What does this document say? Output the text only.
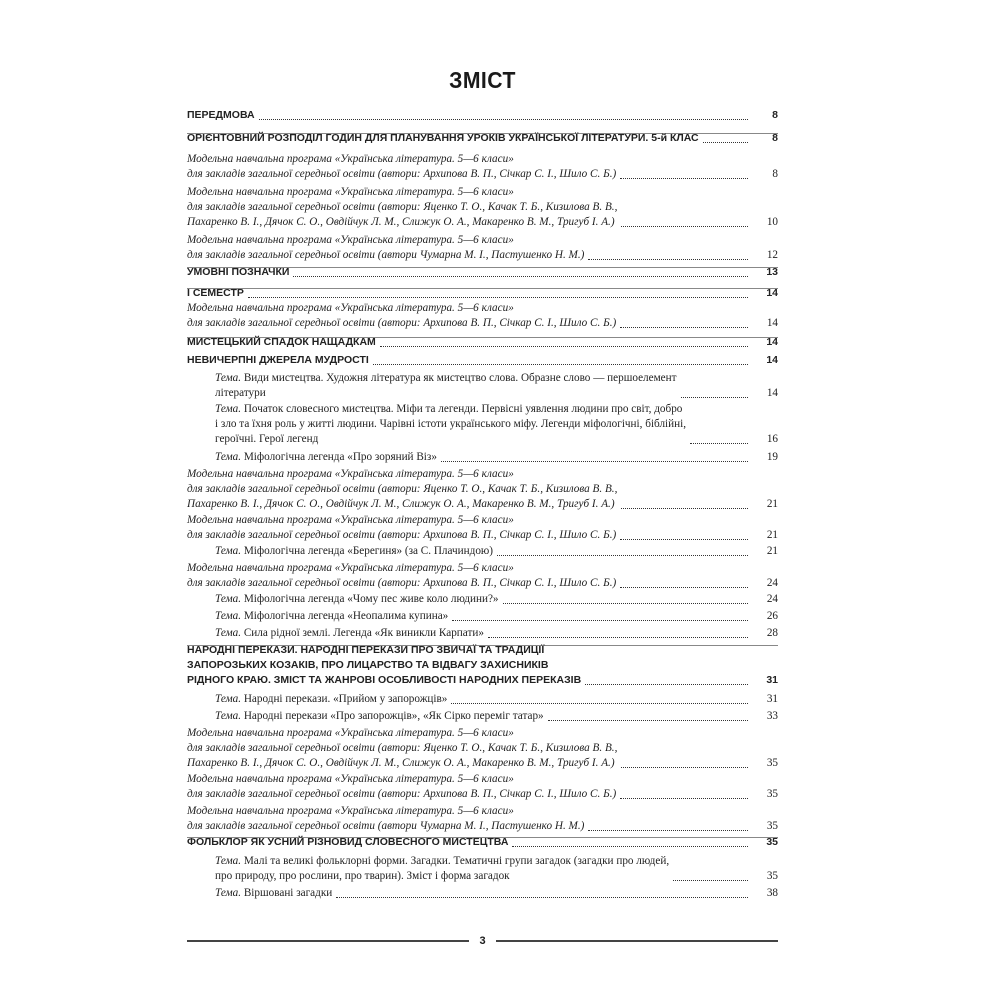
ЗМІСТ
ПЕРЕДМОВА	8
ОРІЄНТОВНИЙ РОЗПОДІЛ ГОДИН ДЛЯ ПЛАНУВАННЯ УРОКІВ УКРАЇНСЬКОЇ ЛІТЕРАТУРИ. 5-й КЛАС	8
Модельна навчальна програма «Українська література. 5—6 класи»
для закладів загальної середньої освіти (автори: Архипова В. П., Січкар С. І., Шило С. Б.)	8
Модельна навчальна програма «Українська література. 5—6 класи»
для закладів загальної середньої освіти (автори: Яценко Т. О., Качак Т. Б., Кизилова В. В.,
Пахаренко В. І., Дячок С. О., Овдійчук Л. М., Слижук О. А., Макаренко В. М., Тригуб І. А.)	10
Модельна навчальна програма «Українська література. 5—6 класи»
для закладів загальної середньої освіти (автори Чумарна М. І., Пастушенко Н. М.)	12
УМОВНІ ПОЗНАЧКИ	13
І СЕМЕСТР	14
Модельна навчальна програма «Українська література. 5—6 класи»
для закладів загальної середньої освіти (автори: Архипова В. П., Січкар С. І., Шило С. Б.)	14
МИСТЕЦЬКИЙ СПАДОК НАЩАДКАМ	14
НЕВИЧЕРПНІ ДЖЕРЕЛА МУДРОСТІ	14
Тема. Види мистецтва. Художня література як мистецтво слова. Образне слово — першоелемент
літератури	14
Тема. Початок словесного мистецтва. Міфи та легенди. Первісні уявлення людини про світ, добро
і зло та їхня роль у житті людини. Чарівні істоти українського міфу. Легенди міфологічні, біблійні,
героїчні. Герої легенд	16
Тема. Міфологічна легенда «Про зоряний Віз»	19
Модельна навчальна програма «Українська література. 5—6 класи»
для закладів загальної середньої освіти (автори: Яценко Т. О., Качак Т. Б., Кизилова В. В.,
Пахаренко В. І., Дячок С. О., Овдійчук Л. М., Слижук О. А., Макаренко В. М., Тригуб І. А.)	21
Модельна навчальна програма «Українська література. 5—6 класи»
для закладів загальної середньої освіти (автори: Архипова В. П., Січкар С. І., Шило С. Б.)	21
Тема. Міфологічна легенда «Берегиня» (за С. Плачиндою)	21
Модельна навчальна програма «Українська література. 5—6 класи»
для закладів загальної середньої освіти (автори: Архипова В. П., Січкар С. І., Шило С. Б.)	24
Тема. Міфологічна легенда «Чому пес живе коло людини?»	24
Тема. Міфологічна легенда «Неопалима купина»	26
Тема. Сила рідної землі. Легенда «Як виникли Карпати»	28
НАРОДНІ ПЕРЕКАЗИ. НАРОДНІ ПЕРЕКАЗИ ПРО ЗВИЧАЇ ТА ТРАДИЦІЇ
ЗАПОРОЗЬКИХ КОЗАКІВ, ПРО ЛИЦАРСТВО ТА ВІДВАГУ ЗАХИСНИКІВ
РІДНОГО КРАЮ. ЗМІСТ ТА ЖАНРОВІ ОСОБЛИВОСТІ НАРОДНИХ ПЕРЕКАЗІВ	31
Тема. Народні перекази. «Прийом у запорожців»	31
Тема. Народні перекази «Про запорожців», «Як Сірко переміг татар»	33
Модельна навчальна програма «Українська література. 5—6 класи»
для закладів загальної середньої освіти (автори: Яценко Т. О., Качак Т. Б., Кизилова В. В.,
Пахаренко В. І., Дячок С. О., Овдійчук Л. М., Слижук О. А., Макаренко В. М., Тригуб І. А.)	35
Модельна навчальна програма «Українська література. 5—6 класи»
для закладів загальної середньої освіти (автори: Архипова В. П., Січкар С. І., Шило С. Б.)	35
Модельна навчальна програма «Українська література. 5—6 класи»
для закладів загальної середньої освіти (автори Чумарна М. І., Пастушенко Н. М.)	35
ФОЛЬКЛОР ЯК УСНИЙ РІЗНОВИД СЛОВЕСНОГО МИСТЕЦТВА	35
Тема. Малі та великі фольклорні форми. Загадки. Тематичні групи загадок (загадки про людей,
про природу, про рослини, про тварин). Зміст і форма загадок	35
Тема. Віршовані загадки	38
3
